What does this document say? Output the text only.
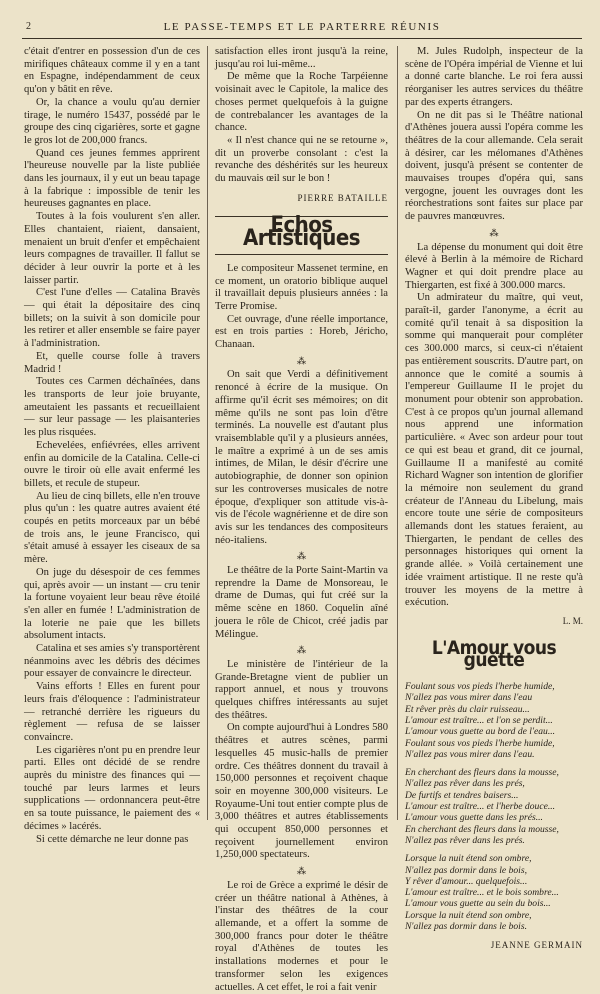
2	LE PASSE-TEMPS ET LE PARTERRE RÉUNIS

c'était d'entrer en possession d'un de ces mirifiques châteaux comme il y en a tant en Espagne, indépendamment de ceux qu'on y bâtit en rêve.

Or, la chance a voulu qu'au dernier tirage, le numéro 15437, possédé par le groupe des cinq cigarières, sorte et gagne le gros lot de 200,000 francs.

Quand ces jeunes femmes apprirent l'heureuse nouvelle par la liste publiée dans les journaux, il y eut un beau tapage à la fabrique : impossible de tenir les heureuses gagnantes en place.

Toutes à la fois voulurent s'en aller. Elles chantaient, riaient, dansaient, menaient un bruit d'enfer et empêchaient leurs compagnes de travailler. Il fallut se décider à leur ouvrir la porte et à les laisser partir.

C'est l'une d'elles — Catalina Bravès — qui était la dépositaire des cinq billets; on la suivit à son domicile pour les retirer et aller ensemble se faire payer à l'administration.

Et, quelle course folle à travers Madrid !

Toutes ces Carmen déchaînées, dans les transports de leur joie bruyante, ameutaient les passants et recueillaient — sur leur passage — les plaisanteries les plus risquées.

Echevelées, enfiévrées, elles arrivent enfin au domicile de la Catalina. Celle-ci ouvre le tiroir où elle avait enfermé les billets, et recule de stupeur.

Au lieu de cinq billets, elle n'en trouve plus qu'un : les quatre autres avaient été coupés en petits morceaux par un bébé de trois ans, le jeune Francisco, qui s'était amusé à essayer les ciseaux de sa mère.

On juge du désespoir de ces femmes qui, après avoir — un instant — cru tenir la fortune voyaient leur beau rêve étoilé s'en aller en fumée ! L'administration de la loterie ne paie que les billets absolument intacts.

Catalina et ses amies s'y transportèrent néanmoins avec les débris des décimes pour essayer de convaincre le directeur.

Vains efforts ! Elles en furent pour leurs frais d'éloquence : l'administrateur — retranché derrière les rigueurs du règlement — refusa de se laisser convaincre.

Les cigarières n'ont pu en prendre leur parti. Elles ont décidé de se rendre auprès du ministre des finances qui — touché par leurs larmes et leurs supplications — ordonnancera peut-être en sa toute puissance, le paiement des « décimes » lacérés.

Si cette démarche ne leur donne pas

satisfaction elles iront jusqu'à la reine, jusqu'au roi lui-même...

De même que la Roche Tarpéienne voisinait avec le Capitole, la malice des choses permet quelquefois à la guigne de contrebalancer les avantages de la chance.

« Il n'est chance qui ne se retourne », dit un proverbe consolant : c'est la revanche des déshérités sur les heureux du mauvais œil sur le bon !

PIERRE BATAILLE
Echos Artistiques

Le compositeur Massenet termine, en ce moment, un oratorio biblique auquel il travaillait depuis plusieurs années : la Terre Promise.

Cet ouvrage, d'une réelle importance, est en trois parties : Horeb, Jéricho, Chanaan.

⁂

On sait que Verdi a définitivement renoncé à écrire de la musique. On affirme qu'il écrit ses mémoires; on dit même qu'ils ne sont pas loin d'être terminés. La nouvelle est d'autant plus vraisemblable qu'il y a plusieurs années, le maître a exprimé à un de ses amis intimes, de Milan, le désir d'écrire une autobiographie, de donner son opinion sur les controverses musicales de notre époque, d'expliquer son attitude vis-à-vis de l'école wagnérienne et de dire son avis sur les tendances des compositeurs néo-italiens.

⁂

Le théâtre de la Porte Saint-Martin va reprendre la Dame de Monsoreau, le drame de Dumas, qui fut créé sur la même scène en 1860. Coquelin aîné jouera le rôle de Chicot, créé jadis par Mélingue.

⁂

Le ministère de l'intérieur de la Grande-Bretagne vient de publier un rapport annuel, et nous y trouvons quelques chiffres intéressants au sujet des théâtres.

On compte aujourd'hui à Londres 580 théâtres et autres scènes, parmi lesquelles 45 music-halls de premier ordre. Ces théâtres donnent du travail à 150,000 personnes et reçoivent chaque soir en moyenne 300,000 visiteurs. Le Royaume-Uni tout entier compte plus de 3,000 théâtres et autres établissements qui occupent 850,000 personnes et reçoivent journellement environ 1,250,000 spectateurs.

⁂

Le roi de Grèce a exprimé le désir de créer un théâtre national à Athènes, à l'instar des théâtres de la cour allemande, et a offert la somme de 300,000 francs pour doter le théâtre royal d'Athènes de toutes les installations modernes et pour le transformer selon les exigences actuelles. A cet effet, le roi a fait venir

M. Jules Rudolph, inspecteur de la scène de l'Opéra impérial de Vienne et lui a donné carte blanche. Le roi fera aussi réorganiser les autres services du théâtre par des experts étrangers.

On ne dit pas si le Théâtre national d'Athènes jouera aussi l'opéra comme les théâtres de la cour allemande. Cela serait à désirer, car les mélomanes d'Athènes doivent, jusqu'à présent se contenter de mauvaises troupes d'opéra qui, sans vergogne, jouent les ouvrages dont les réorchestrations sont faites sur place par de pauvres manœuvres.

⁂

La dépense du monument qui doit être élevé à Berlin à la mémoire de Richard Wagner et qui doit prendre place au Thiergarten, est fixé à 300.000 marcs.

Un admirateur du maître, qui veut, paraît-il, garder l'anonyme, a écrit au comité qu'il tenait à sa disposition la somme qui manquerait pour compléter ces 300.000 marcs, si ceux-ci n'étaient pas entièrement souscrits. D'autre part, on annonce que le comité a soumis à l'empereur Guillaume II le projet du monument pour obtenir son approbation. C'est à ce propos qu'un journal allemand nous apprend une information particulière. « Avec son ardeur pour tout ce qui est beau et grand, dit ce journal, Guillaume II a manifesté au comité Richard Wagner son intention de glorifier la mémoire non seulement du grand créateur de l'Anneau du Libelung, mais encore toute une série de compositeurs allemands dont les statues feraient, au Thiergarten, le pendant de celles des personnages historiques qui ornent la grande allée. » Voilà certainement une idée vraiment artistique. Il ne reste qu'à trouver les moyens de la mettre à exécution.

L. M.
L'Amour vous guette
Foulant sous vos pieds l'herbe humide,
N'allez pas vous mirer dans l'eau
Et rêver près du clair ruisseau...
L'amour est traître... et l'on se perdit...
L'amour vous guette au bord de l'eau...
Foulant sous vos pieds l'herbe humide,
N'allez pas vous mirer dans l'eau.
En cherchant des fleurs dans la mousse,
N'allez pas rêver dans les prés,
De furtifs et tendres baisers...
L'amour est traître... et l'herbe douce...
L'amour vous guette dans les prés...
En cherchant des fleurs dans la mousse,
N'allez pas rêver dans les prés.
Lorsque la nuit étend son ombre,
N'allez pas dormir dans le bois,
Y rêver d'amour... quelquefois...
L'amour est traître... et le bois sombre...
L'amour vous guette au sein du bois...
Lorsque la nuit étend son ombre,
N'allez pas dormir dans le bois.
JEANNE GERMAIN
